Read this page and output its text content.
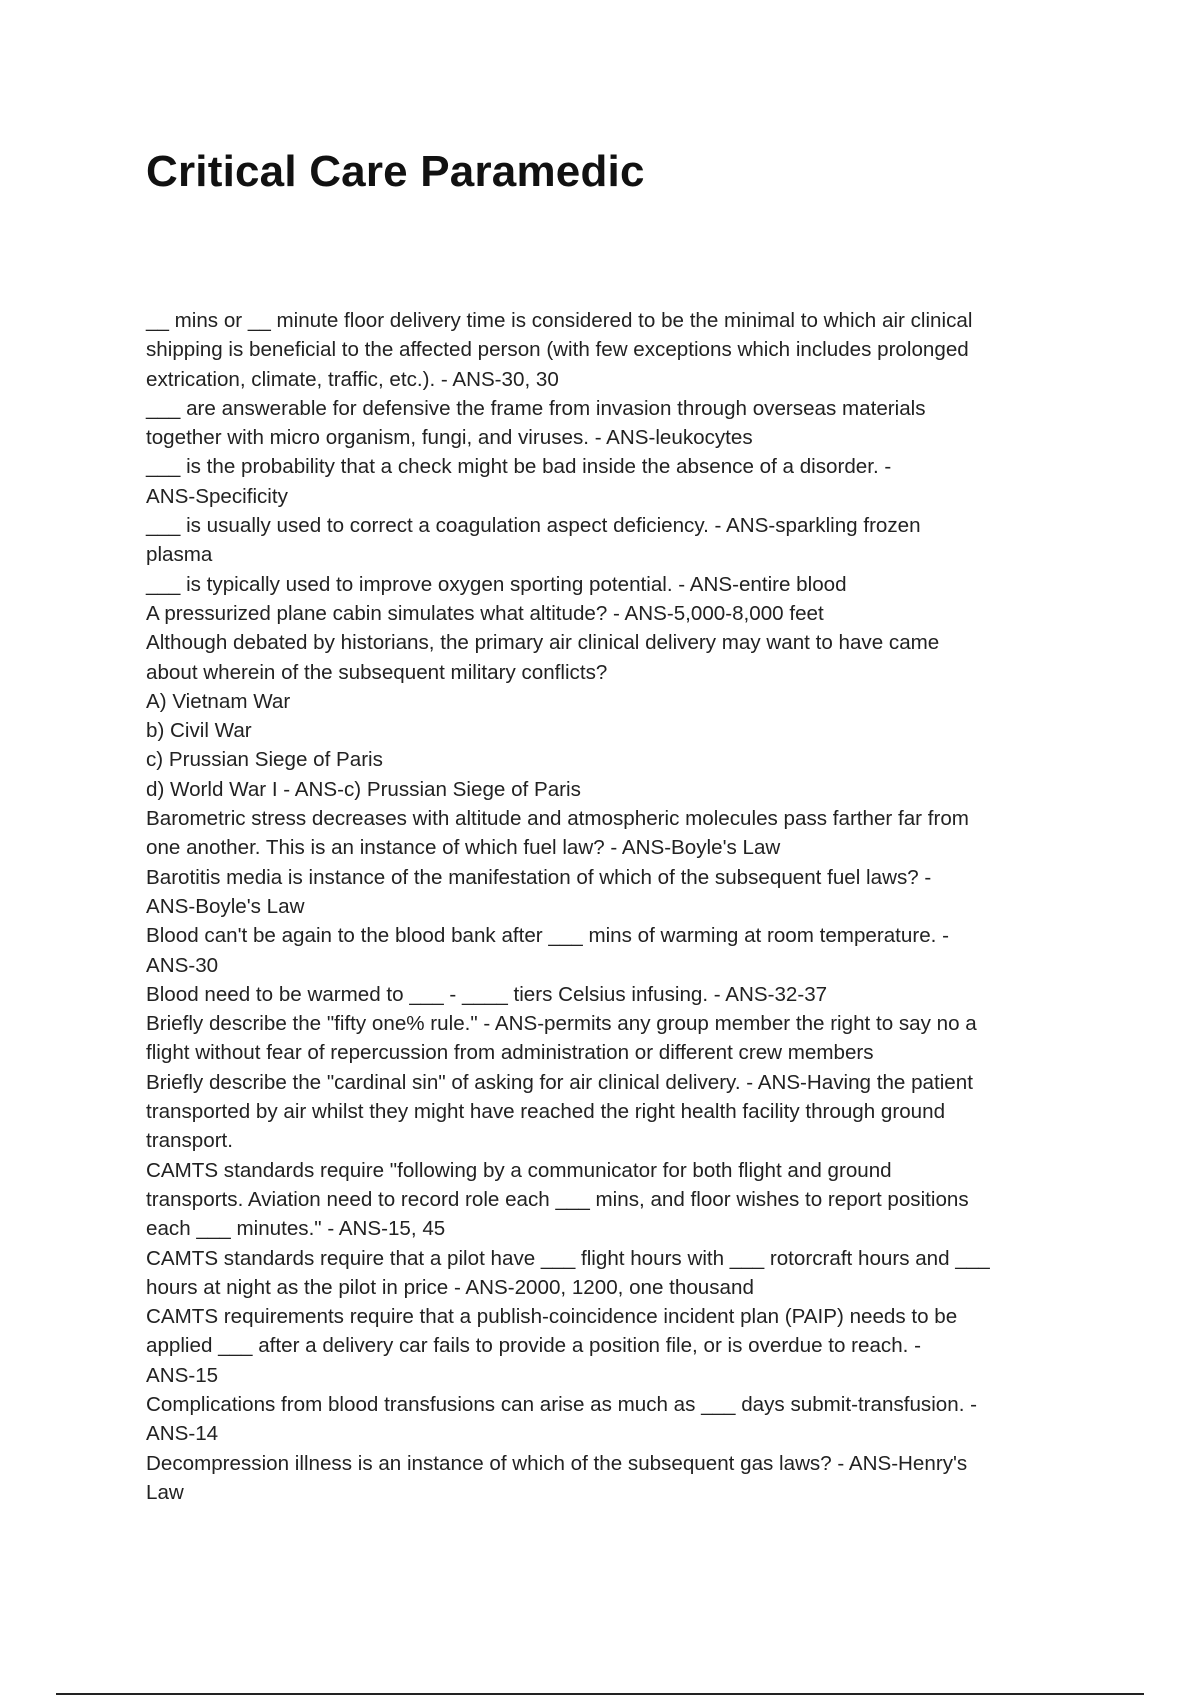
Critical Care Paramedic
__ mins or __ minute floor delivery time is considered to be the minimal to which air clinical
shipping is beneficial to the affected person (with few exceptions which includes prolonged
extrication, climate, traffic, etc.). - ANS-30, 30
___ are answerable for defensive the frame from invasion through overseas materials
together with micro organism, fungi, and viruses. - ANS-leukocytes
___ is the probability that a check might be bad inside the absence of a disorder. -
ANS-Specificity
___ is usually used to correct a coagulation aspect deficiency. - ANS-sparkling frozen
plasma
___ is typically used to improve oxygen sporting potential. - ANS-entire blood
A pressurized plane cabin simulates what altitude? - ANS-5,000-8,000 feet
Although debated by historians, the primary air clinical delivery may want to have came
about wherein of the subsequent military conflicts?
A) Vietnam War
b) Civil War
c) Prussian Siege of Paris
d) World War I - ANS-c) Prussian Siege of Paris
Barometric stress decreases with altitude and atmospheric molecules pass farther far from
one another. This is an instance of which fuel law? - ANS-Boyle's Law
Barotitis media is instance of the manifestation of which of the subsequent fuel laws? -
ANS-Boyle's Law
Blood can't be again to the blood bank after ___ mins of warming at room temperature. -
ANS-30
Blood need to be warmed to ___ - ____ tiers Celsius infusing. - ANS-32-37
Briefly describe the "fifty one% rule." - ANS-permits any group member the right to say no a
flight without fear of repercussion from administration or different crew members
Briefly describe the "cardinal sin" of asking for air clinical delivery. - ANS-Having the patient
transported by air whilst they might have reached the right health facility through ground
transport.
CAMTS standards require "following by a communicator for both flight and ground
transports. Aviation need to record role each ___ mins, and floor wishes to report positions
each ___ minutes." - ANS-15, 45
CAMTS standards require that a pilot have ___ flight hours with ___ rotorcraft hours and ___
hours at night as the pilot in price - ANS-2000, 1200, one thousand
CAMTS requirements require that a publish-coincidence incident plan (PAIP) needs to be
applied ___ after a delivery car fails to provide a position file, or is overdue to reach. -
ANS-15
Complications from blood transfusions can arise as much as ___ days submit-transfusion. -
ANS-14
Decompression illness is an instance of which of the subsequent gas laws? - ANS-Henry's
Law
